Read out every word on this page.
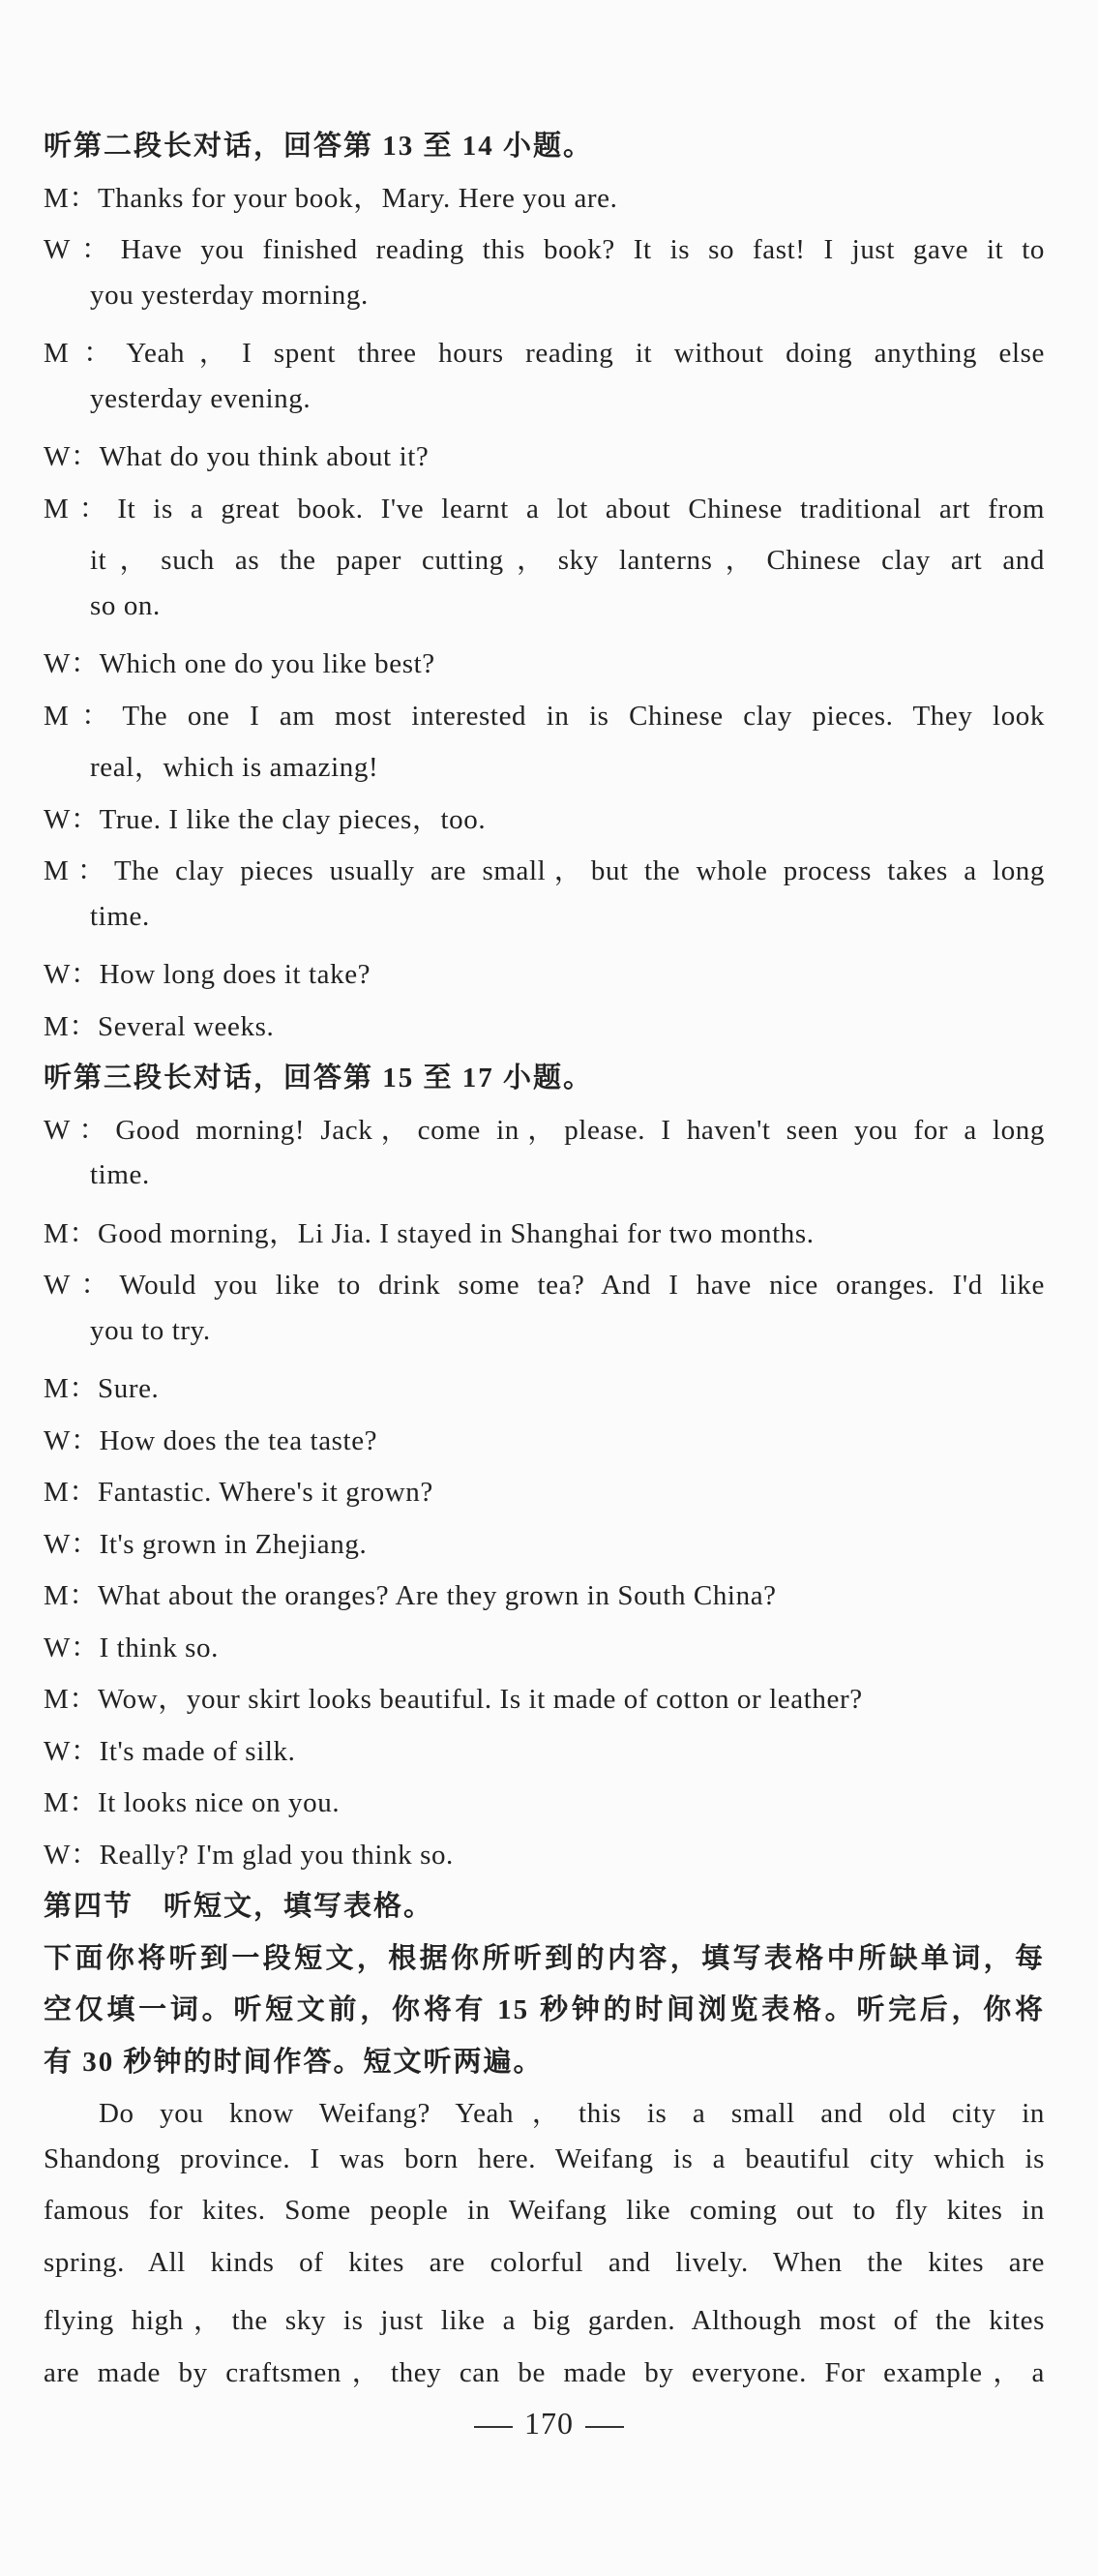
听第二段长对话，回答第 13 至 14 小题。
M：Thanks for your book，Mary. Here you are.
W：Have you finished reading this book? It is so fast! I just gave it to
you yesterday morning.
M：Yeah，I spent three hours reading it without doing anything else
yesterday evening.
W：What do you think about it?
M：It is a great book. I've learnt a lot about Chinese traditional art from
it，such as the paper cutting，sky lanterns，Chinese clay art and
so on.
W：Which one do you like best?
M：The one I am most interested in is Chinese clay pieces. They look
real，which is amazing!
W：True. I like the clay pieces，too.
M：The clay pieces usually are small，but the whole process takes a long
time.
W：How long does it take?
M：Several weeks.
听第三段长对话，回答第 15 至 17 小题。
W：Good morning! Jack，come in，please. I haven't seen you for a long
time.
M：Good morning，Li Jia. I stayed in Shanghai for two months.
W：Would you like to drink some tea? And I have nice oranges. I'd like
you to try.
M：Sure.
W：How does the tea taste?
M：Fantastic. Where's it grown?
W：It's grown in Zhejiang.
M：What about the oranges? Are they grown in South China?
W：I think so.
M：Wow，your skirt looks beautiful. Is it made of cotton or leather?
W：It's made of silk.
M：It looks nice on you.
W：Really? I'm glad you think so.
第四节　听短文，填写表格。
下面你将听到一段短文，根据你所听到的内容，填写表格中所缺单词，每
空仅填一词。听短文前，你将有 15 秒钟的时间浏览表格。听完后，你将
有 30 秒钟的时间作答。短文听两遍。
Do you know Weifang? Yeah，this is a small and old city in
Shandong province. I was born here. Weifang is a beautiful city which is
famous for kites. Some people in Weifang like coming out to fly kites in
spring. All kinds of kites are colorful and lively. When the kites are
flying high，the sky is just like a big garden. Although most of the kites
are made by craftsmen，they can be made by everyone. For example，a
170
